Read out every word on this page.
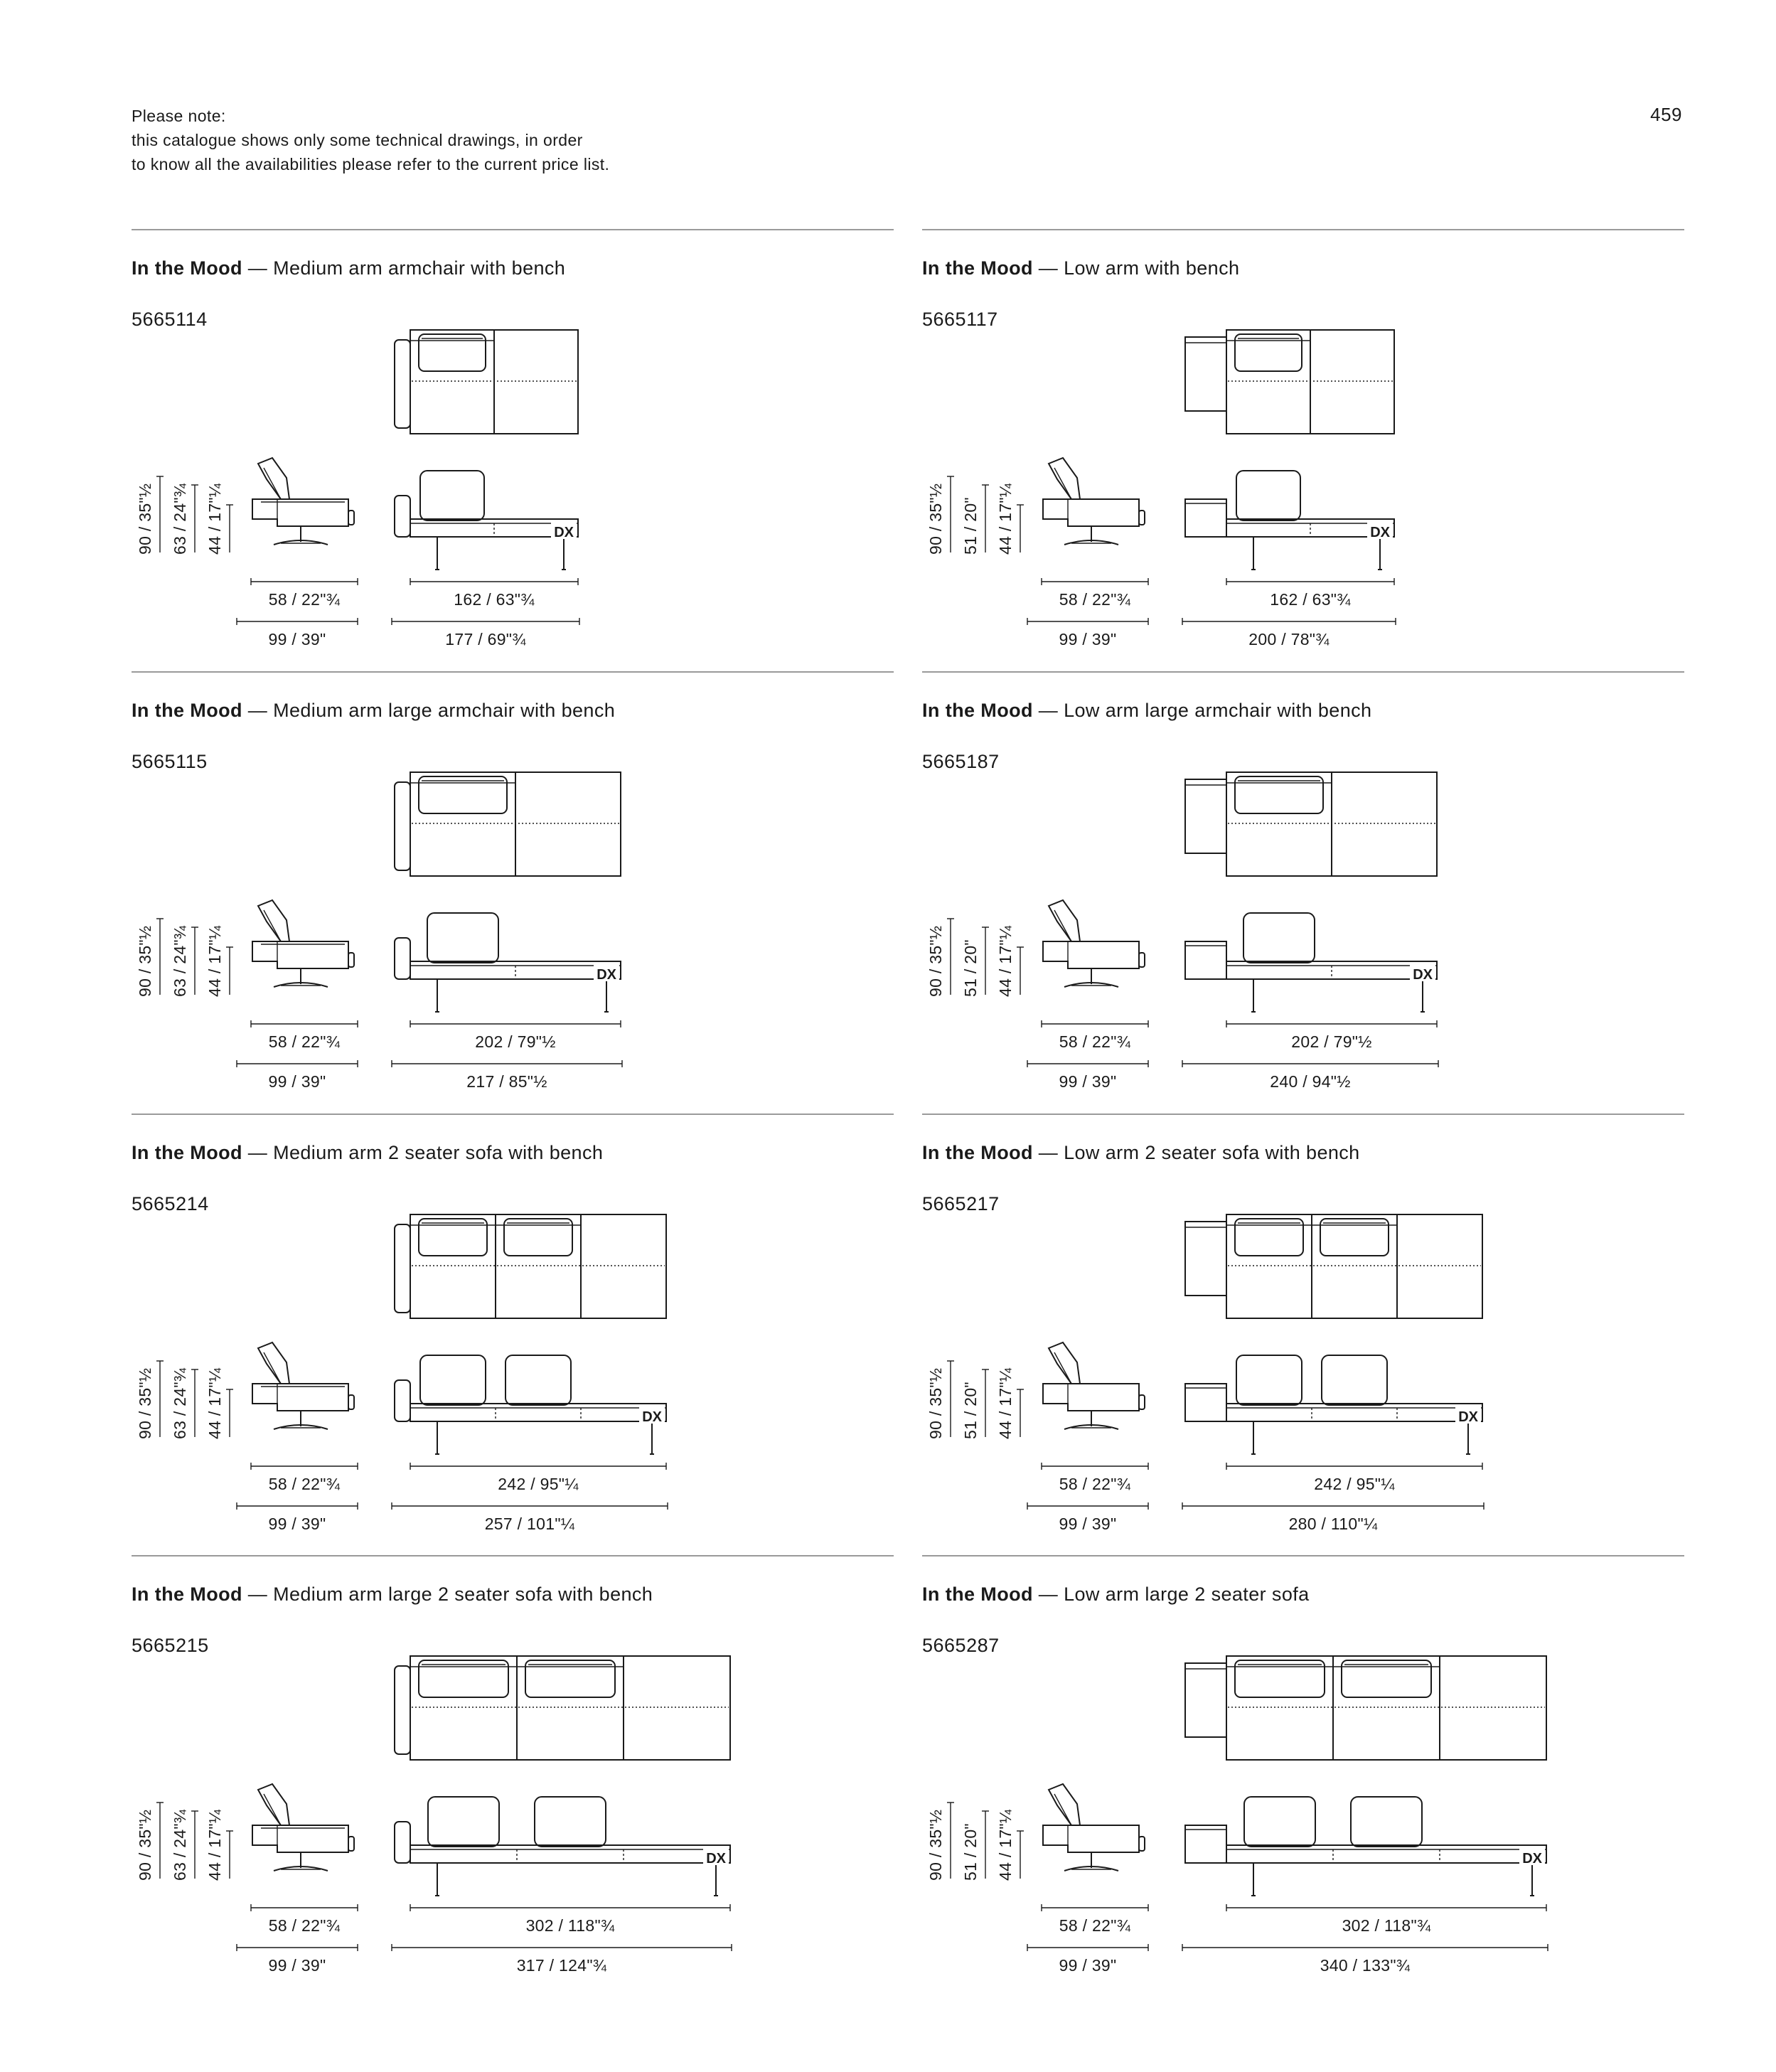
Please note:
this catalogue shows only some technical drawings, in order
to know all the availabilities please refer to the current price list.
459
In the Mood — Medium arm armchair with bench
5665114
DX
90 / 35"½ 63 / 24"¾ 44 / 17"¼
58 / 22"¾
99 / 39"
162 / 63"¾
177 / 69"¾
In the Mood — Low arm with bench
5665117
DX
90 / 35"½ 51 / 20" 44 / 17"¼
58 / 22"¾
99 / 39"
162 / 63"¾
200 / 78"¾
In the Mood — Medium arm large armchair with bench
5665115
DX
90 / 35"½ 63 / 24"¾ 44 / 17"¼
58 / 22"¾
99 / 39"
202 / 79"½
217 / 85"½
In the Mood — Low arm large armchair with bench
5665187
DX
90 / 35"½ 51 / 20" 44 / 17"¼
58 / 22"¾
99 / 39"
202 / 79"½
240 / 94"½
In the Mood — Medium arm 2 seater sofa with bench
5665214
DX
90 / 35"½ 63 / 24"¾ 44 / 17"¼
58 / 22"¾
99 / 39"
242 / 95"¼
257 / 101"¼
In the Mood — Low arm 2 seater sofa with bench
5665217
DX
90 / 35"½ 51 / 20" 44 / 17"¼
58 / 22"¾
99 / 39"
242 / 95"¼
280 / 110"¼
In the Mood — Medium arm large 2 seater sofa with bench
5665215
DX
90 / 35"½ 63 / 24"¾ 44 / 17"¼
58 / 22"¾
99 / 39"
302 / 118"¾
317 / 124"¾
In the Mood — Low arm large 2 seater sofa
5665287
DX
90 / 35"½ 51 / 20" 44 / 17"¼
58 / 22"¾
99 / 39"
302 / 118"¾
340 / 133"¾
